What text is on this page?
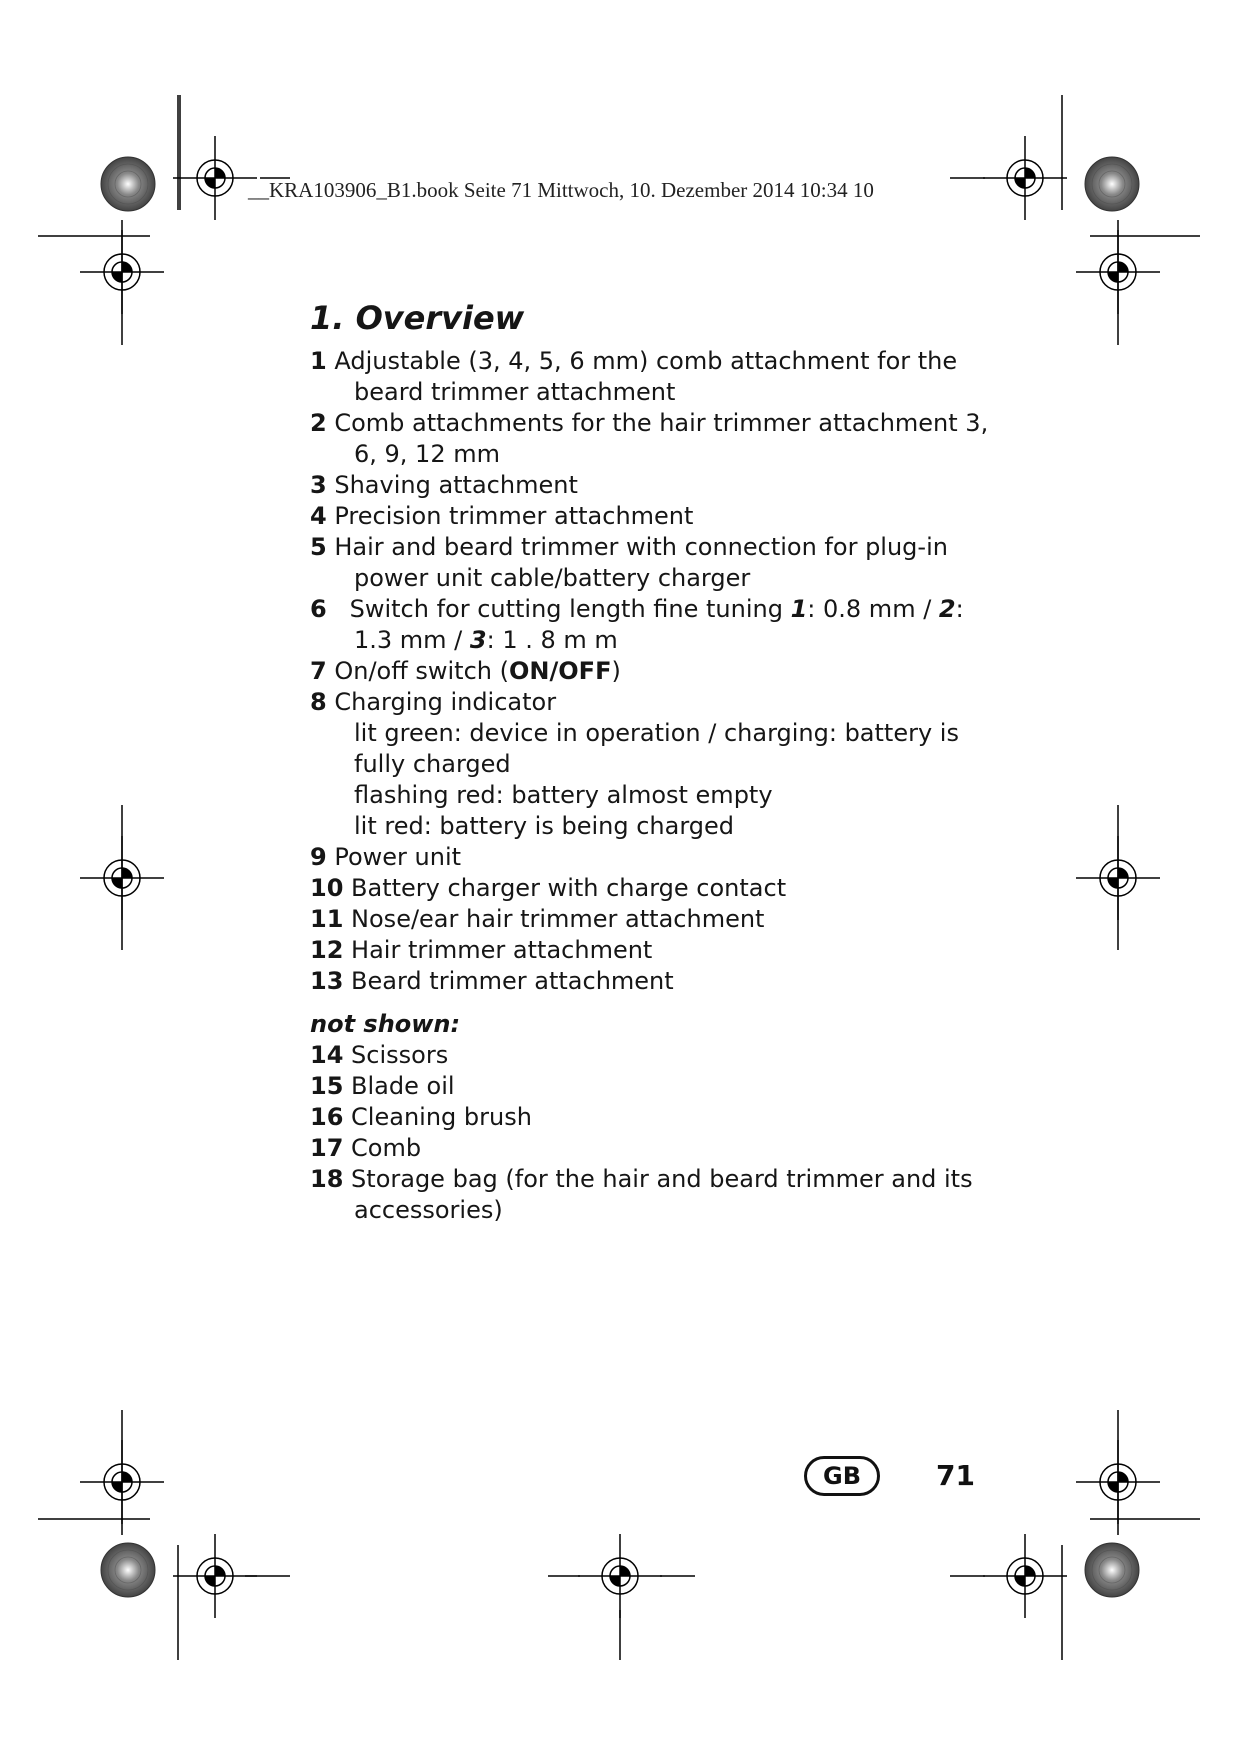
__KRA103906_B1.book Seite 71 Mittwoch, 10. Dezember 2014 10:34 10
1. Overview

1 Adjustable (3, 4, 5, 6 mm) comb attachment for the beard trimmer attachment

2 Comb attachments for the hair trimmer attachment 3, 6, 9, 12 mm

3 Shaving attachment

4 Precision trimmer attachment

5 Hair and beard trimmer with connection for plug-in power unit cable/battery charger

6 Switch for cutting length fine tuning 1: 0.8 mm / 2: 1.3 mm / 3: 1 . 8 m m

7 On/off switch (ON/OFF)

8 Charging indicator

lit green: device in operation / charging: battery is fully charged

flashing red: battery almost empty

lit red: battery is being charged

9 Power unit

10 Battery charger with charge contact

11 Nose/ear hair trimmer attachment

12 Hair trimmer attachment

13 Beard trimmer attachment

not shown:

14 Scissors

15 Blade oil

16 Cleaning brush

17 Comb

18 Storage bag (for the hair and beard trimmer and its accessories)

GB	71
